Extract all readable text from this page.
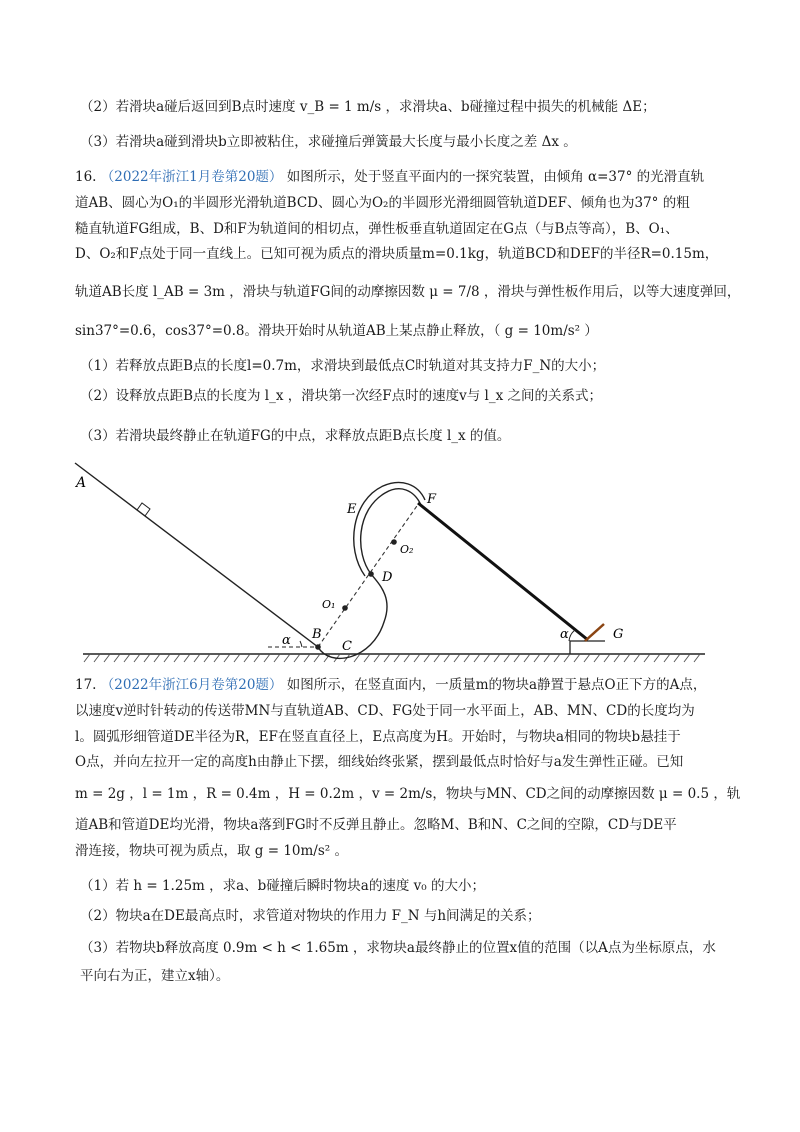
（2）若滑块a碰后返回到B点时速度 v_B = 1 m/s ，求滑块a、b碰撞过程中损失的机械能 ΔE；
（3）若滑块a碰到滑块b立即被粘住，求碰撞后弹簧最大长度与最小长度之差 Δx 。
16. （2022年浙江1月卷第20题） 如图所示，处于竖直平面内的一探究装置，由倾角 α=37° 的光滑直轨
道AB、圆心为O₁的半圆形光滑轨道BCD、圆心为O₂的半圆形光滑细圆管轨道DEF、倾角也为37° 的粗
糙直轨道FG组成，B、D和F为轨道间的相切点，弹性板垂直轨道固定在G点（与B点等高），B、O₁、
D、O₂和F点处于同一直线上。已知可视为质点的滑块质量m=0.1kg，轨道BCD和DEF的半径R=0.15m，
轨道AB长度 l_AB = 3m ，滑块与轨道FG间的动摩擦因数 μ = 7/8 ，滑块与弹性板作用后，以等大速度弹回，
sin37°=0.6，cos37°=0.8。滑块开始时从轨道AB上某点静止释放，（ g = 10m/s² ）
（1）若释放点距B点的长度l=0.7m，求滑块到最低点C时轨道对其支持力F_N的大小；
（2）设释放点距B点的长度为 l_x ，滑块第一次经F点时的速度v与 l_x 之间的关系式；
（3）若滑块最终静止在轨道FG的中点，求释放点距B点长度 l_x 的值。
A
B
C
D
E
F
G
O₁
O₂
α	α
17. （2022年浙江6月卷第20题） 如图所示，在竖直面内，一质量m的物块a静置于悬点O正下方的A点，
以速度v逆时针转动的传送带MN与直轨道AB、CD、FG处于同一水平面上，AB、MN、CD的长度均为
l。圆弧形细管道DE半径为R，EF在竖直直径上，E点高度为H。开始时，与物块a相同的物块b悬挂于
O点，并向左拉开一定的高度h由静止下摆，细线始终张紧，摆到最低点时恰好与a发生弹性正碰。已知
m = 2g ，l = 1m ，R = 0.4m ，H = 0.2m ，v = 2m/s，物块与MN、CD之间的动摩擦因数 μ = 0.5 ，轨
道AB和管道DE均光滑，物块a落到FG时不反弹且静止。忽略M、B和N、C之间的空隙，CD与DE平
滑连接，物块可视为质点，取 g = 10m/s² 。
（1）若 h = 1.25m ，求a、b碰撞后瞬时物块a的速度 v₀ 的大小；
（2）物块a在DE最高点时，求管道对物块的作用力 F_N 与h间满足的关系；
（3）若物块b释放高度 0.9m < h < 1.65m ，求物块a最终静止的位置x值的范围（以A点为坐标原点，水
平向右为正，建立x轴）。
